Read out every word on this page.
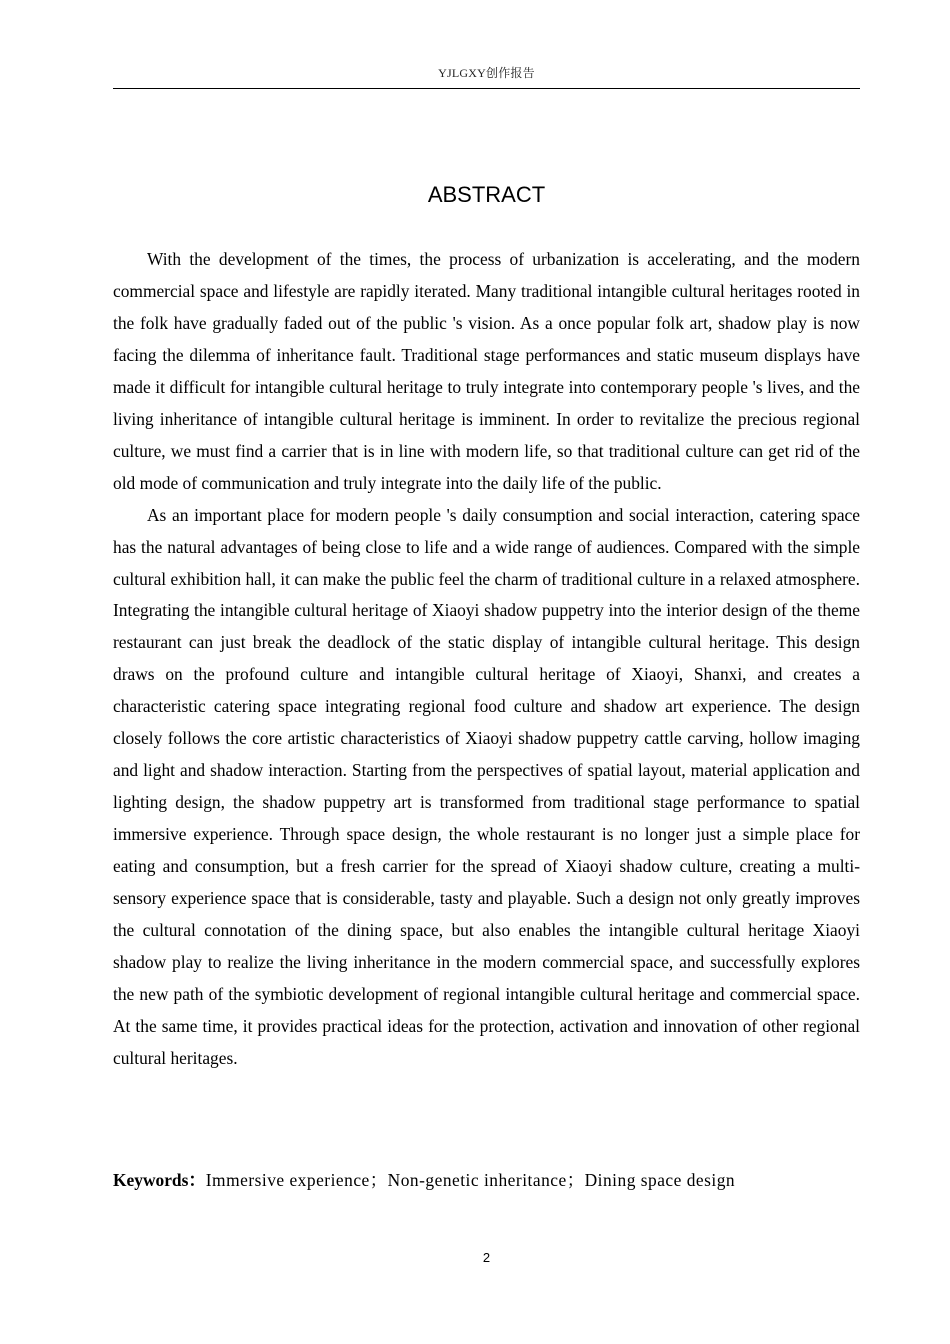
YJLGXY创作报告
ABSTRACT

With the development of the times, the process of urbanization is accelerating, and the modern commercial space and lifestyle are rapidly iterated. Many traditional intangible cultural heritages rooted in the folk have gradually faded out of the public 's vision. As a once popular folk art, shadow play is now facing the dilemma of inheritance fault. Traditional stage performances and static museum displays have made it difficult for intangible cultural heritage to truly integrate into contemporary people 's lives, and the living inheritance of intangible cultural heritage is imminent. In order to revitalize the precious regional culture, we must find a carrier that is in line with modern life, so that traditional culture can get rid of the old mode of communication and truly integrate into the daily life of the public.

As an important place for modern people 's daily consumption and social interaction, catering space has the natural advantages of being close to life and a wide range of audiences. Compared with the simple cultural exhibition hall, it can make the public feel the charm of traditional culture in a relaxed atmosphere. Integrating the intangible cultural heritage of Xiaoyi shadow puppetry into the interior design of the theme restaurant can just break the deadlock of the static display of intangible cultural heritage. This design draws on the profound culture and intangible cultural heritage of Xiaoyi, Shanxi, and creates a characteristic catering space integrating regional food culture and shadow art experience. The design closely follows the core artistic characteristics of Xiaoyi shadow puppetry cattle carving, hollow imaging and light and shadow interaction. Starting from the perspectives of spatial layout, material application and lighting design, the shadow puppetry art is transformed from traditional stage performance to spatial immersive experience. Through space design, the whole restaurant is no longer just a simple place for eating and consumption, but a fresh carrier for the spread of Xiaoyi shadow culture, creating a multi-sensory experience space that is considerable, tasty and playable. Such a design not only greatly improves the cultural connotation of the dining space, but also enables the intangible cultural heritage Xiaoyi shadow play to realize the living inheritance in the modern commercial space, and successfully explores the new path of the symbiotic development of regional intangible cultural heritage and commercial space. At the same time, it provides practical ideas for the protection, activation and innovation of other regional cultural heritages.

Keywords：Immersive experience；Non-genetic inheritance；Dining space design
2
